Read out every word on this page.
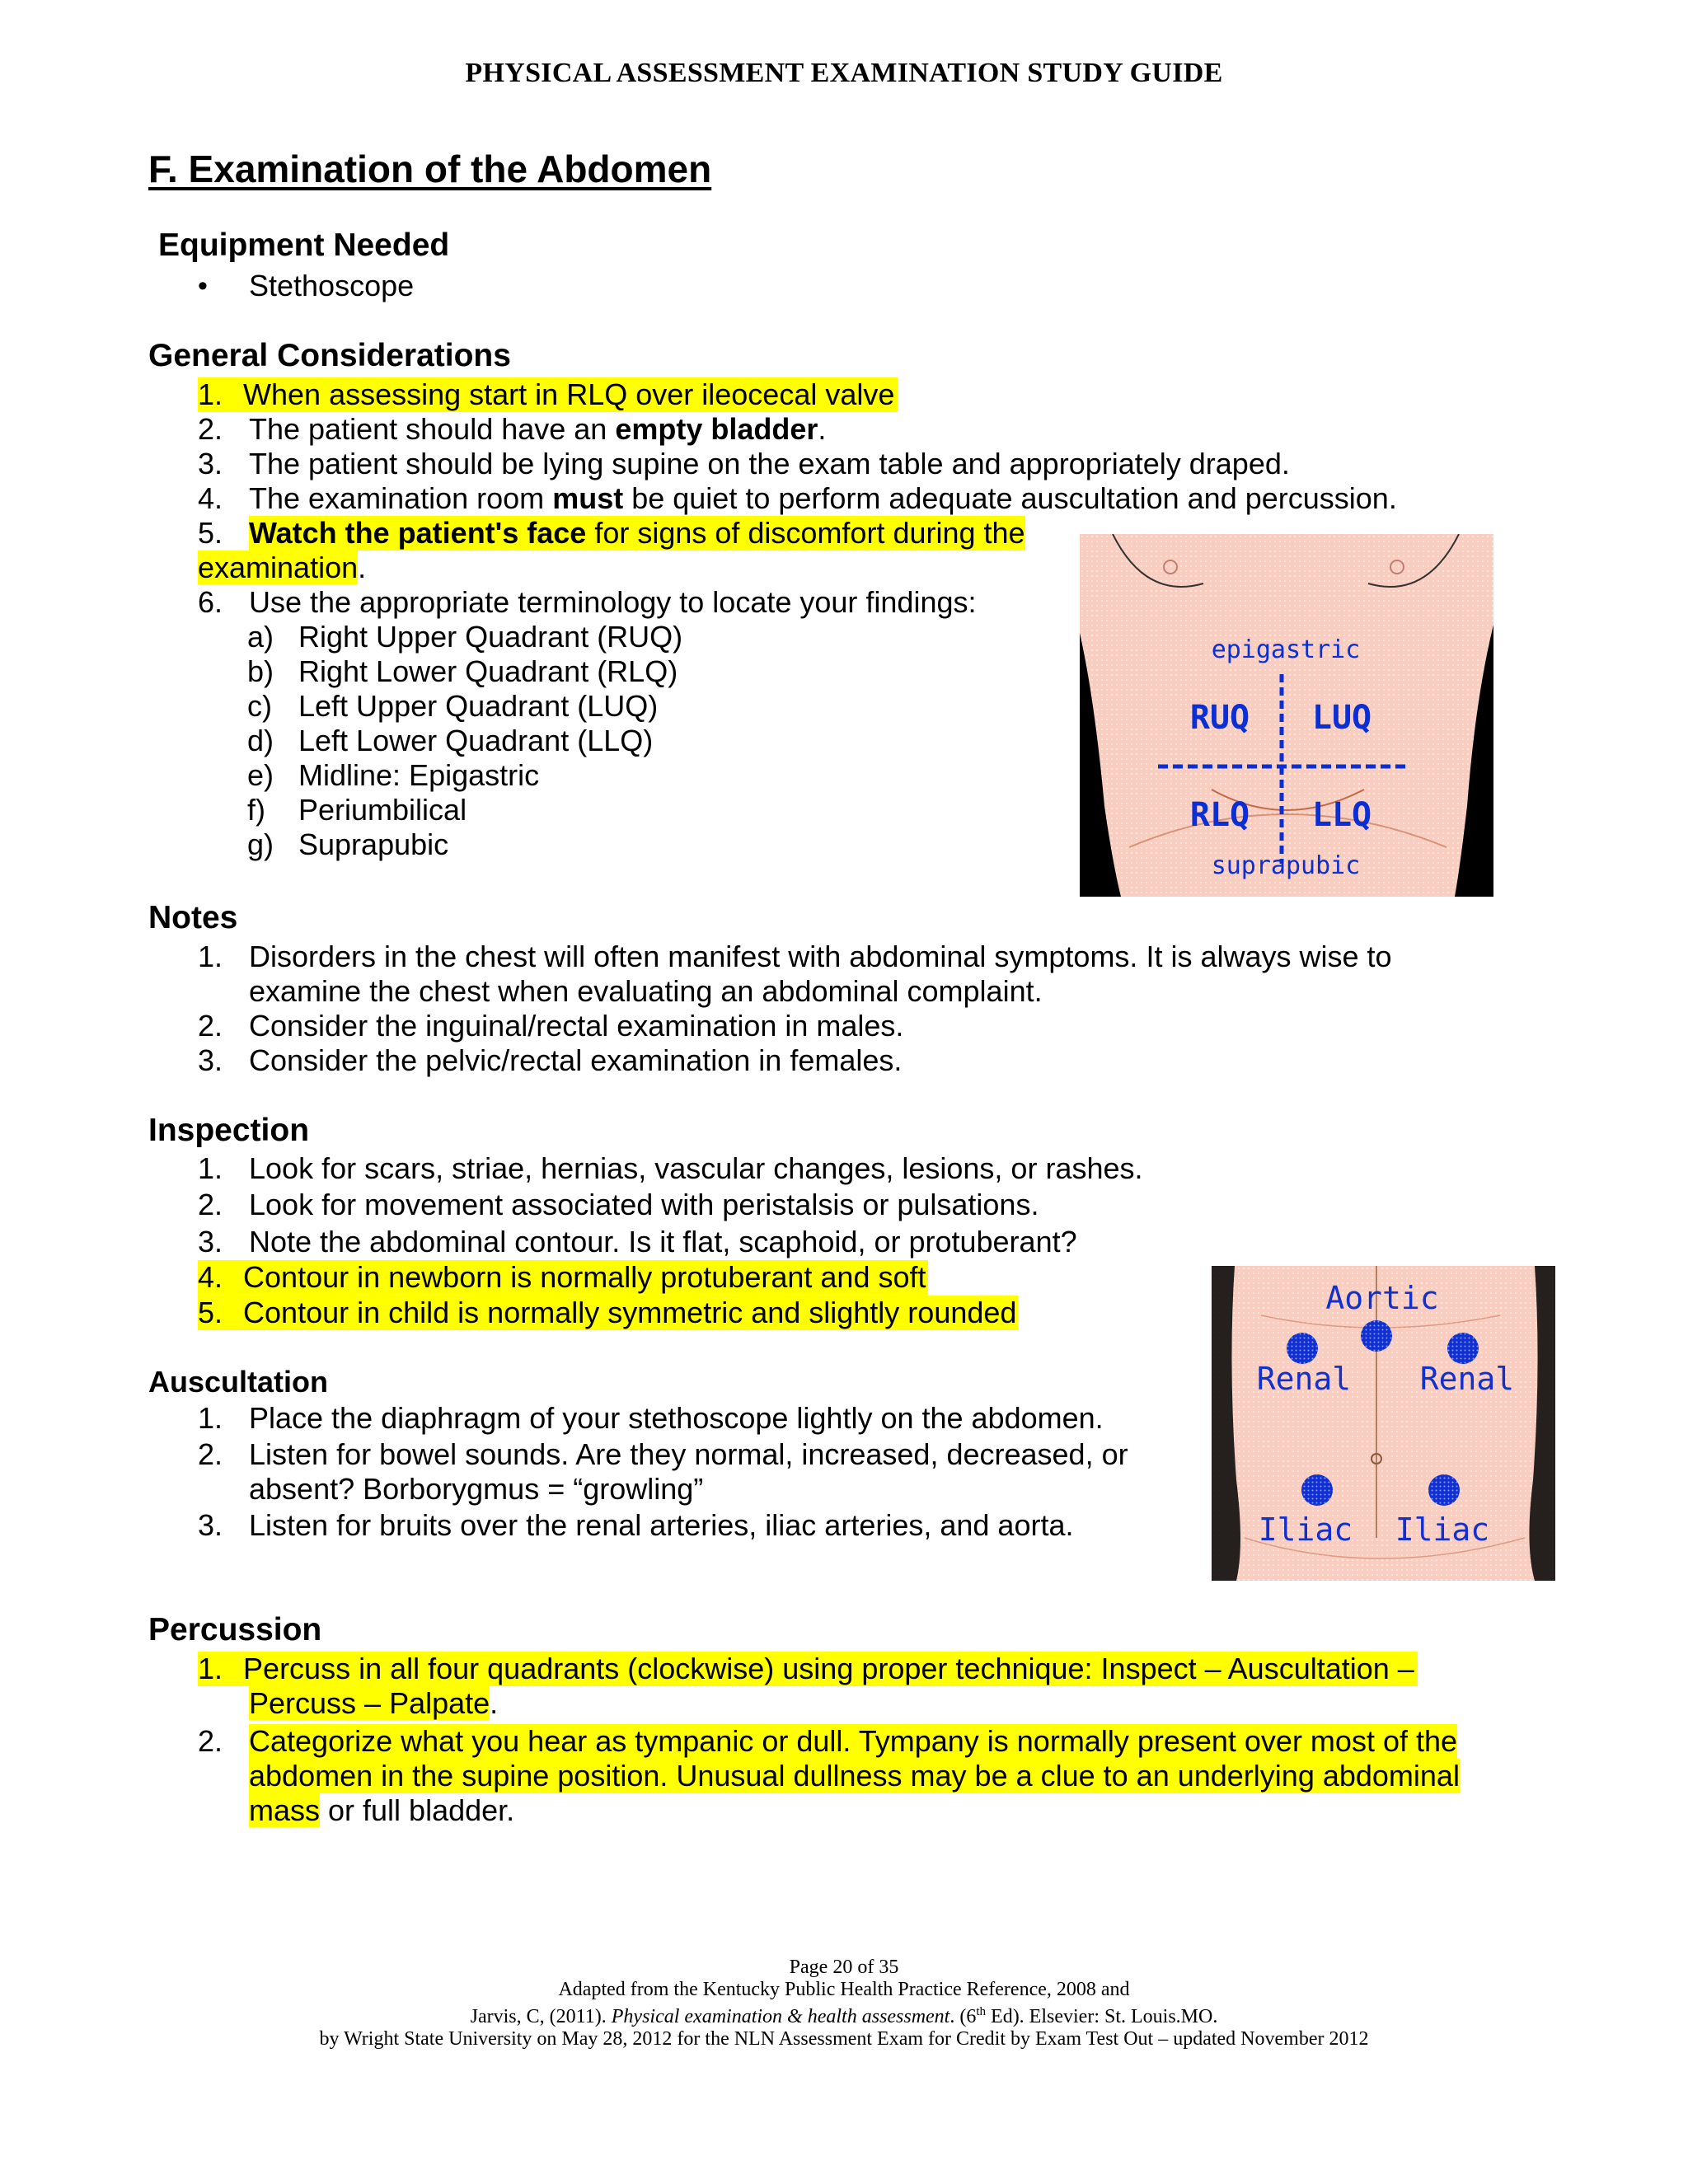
PHYSICAL ASSESSMENT EXAMINATION STUDY GUIDE
F. Examination of the Abdomen
Equipment Needed
• Stethoscope
General Considerations
1. When assessing start in RLQ over ileocecal valve
2. The patient should have an empty bladder.
3. The patient should be lying supine on the exam table and appropriately draped.
4. The examination room must be quiet to perform adequate auscultation and percussion.
5. Watch the patient's face for signs of discomfort during the
examination.
6. Use the appropriate terminology to locate your findings:
a) Right Upper Quadrant (RUQ)
b) Right Lower Quadrant (RLQ)
c) Left Upper Quadrant (LUQ)
d) Left Lower Quadrant (LLQ)
e) Midline: Epigastric
f) Periumbilical
g) Suprapubic
epigastric
RUQ LUQ
RLQ LLQ
suprapubic
Notes
1. Disorders in the chest will often manifest with abdominal symptoms. It is always wise to
examine the chest when evaluating an abdominal complaint.
2. Consider the inguinal/rectal examination in males.
3. Consider the pelvic/rectal examination in females.
Inspection
1. Look for scars, striae, hernias, vascular changes, lesions, or rashes.
2. Look for movement associated with peristalsis or pulsations.
3. Note the abdominal contour. Is it flat, scaphoid, or protuberant?
4. Contour in newborn is normally protuberant and soft
5. Contour in child is normally symmetric and slightly rounded
Auscultation
1. Place the diaphragm of your stethoscope lightly on the abdomen.
2. Listen for bowel sounds. Are they normal, increased, decreased, or
absent? Borborygmus = “growling”
3. Listen for bruits over the renal arteries, iliac arteries, and aorta.
Aortic
Renal Renal
Iliac Iliac
Percussion
1. Percuss in all four quadrants (clockwise) using proper technique: Inspect – Auscultation –
Percuss – Palpate.
2. Categorize what you hear as tympanic or dull. Tympany is normally present over most of the
abdomen in the supine position. Unusual dullness may be a clue to an underlying abdominal
mass or full bladder.
Page 20 of 35
Adapted from the Kentucky Public Health Practice Reference, 2008 and
Jarvis, C, (2011). Physical examination & health assessment. (6th Ed). Elsevier: St. Louis.MO.
by Wright State University on May 28, 2012 for the NLN Assessment Exam for Credit by Exam Test Out – updated November 2012
